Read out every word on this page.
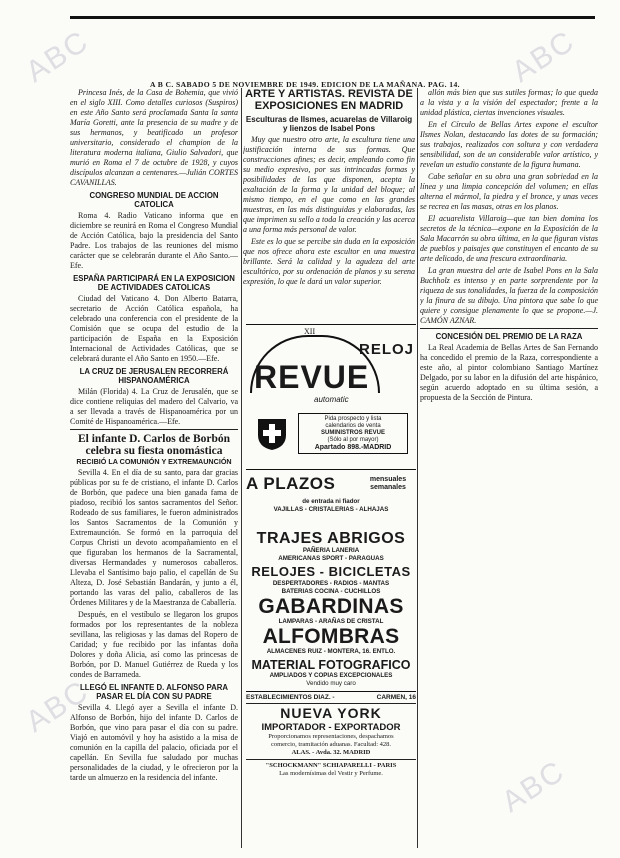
A B C. SABADO 5 DE NOVIEMBRE DE 1949. EDICION DE LA MAÑANA. PAG. 14.

Princesa Inés, de la Casa de Bohemia, que vivió en el siglo XIII. Como detalles curiosos (Suspiros) en este Año Santo será proclamada Santa la santa María Goretti, ante la presencia de su madre y de sus hermanos, y beatificado un profesor universitario, considerado el champion de la literatura moderna italiana, Giulio Salvadori, que murió en Roma el 7 de octubre de 1928, y cuyos discípulos alcanzan a centenares.—Julián CORTES CAVANILLAS.

CONGRESO MUNDIAL DE ACCION CATOLICA

Roma 4. Radio Vaticano informa que en diciembre se reunirá en Roma el Congreso Mundial de Acción Católica, bajo la presidencia del Santo Padre. Los trabajos de las reuniones del mismo carácter que se celebrarán durante el Año Santo.—Efe.

ESPAÑA PARTICIPARÁ EN LA EXPOSICION DE ACTIVIDADES CATOLICAS

Ciudad del Vaticano 4. Don Alberto Batarra, secretario de Acción Católica española, ha celebrado una conferencia con el presidente de la Comisión que se ocupa del estudio de la participación de España en la Exposición Internacional de Actividades Católicas, que se celebrará durante el Año Santo en 1950.—Efe.

LA CRUZ DE JERUSALEN RECORRERÁ HISPANOAMÉRICA

Milán (Florida) 4. La Cruz de Jerusalén, que se dice contiene reliquias del madero del Calvario, va a ser llevada a través de Hispanoamérica por un Comité de Hispanoamérica.—Efe.

El infante D. Carlos de Borbón celebra su fiesta onomástica
RECIBIÓ LA COMUNIÓN Y EXTREMAUNCIÓN

Sevilla 4. En el día de su santo, para dar gracias públicas por su fe de cristiano, el infante D. Carlos de Borbón, que padece una bien ganada fama de piadoso, recibió los santos sacramentos del Señor. Rodeado de sus familiares, le fueron administrados los Santos Sacramentos de la Comunión y Extremaunción. Se formó en la parroquia del Corpus Christi un devoto acompañamiento en el que figuraban los hermanos de la Sacramental, diversas Hermandades y numerosos caballeros. Llevaba el Santísimo bajo palio, el capellán de Su Alteza, D. José Sebastián Bandarán, y junto a él, portando las varas del palio, caballeros de las Órdenes Militares y de la Maestranza de Caballería.

Después, en el vestíbulo se llegaron los grupos formados por los representantes de la nobleza sevillana, las religiosas y las damas del Ropero de Caridad; y fue recibido por las infantas doña Dolores y doña Alicia, así como las princesas de Borbón, por D. Manuel Gutiérrez de Rueda y los condes de Barrameda.

LLEGÓ EL INFANTE D. ALFONSO PARA PASAR EL DÍA CON SU PADRE

Sevilla 4. Llegó ayer a Sevilla el infante D. Alfonso de Borbón, hijo del infante D. Carlos de Borbón, que vino para pasar el día con su padre. Viajó en automóvil y hoy ha asistido a la misa de comunión en la capilla del palacio, oficiada por el capellán. En Sevilla fue saludado por muchas personalidades de la ciudad, y le ofrecieron por la tarde un almuerzo en la residencia del infante.

ARTE Y ARTISTAS. REVISTA DE EXPOSICIONES EN MADRID
Esculturas de Ilsmes, acuarelas de Villaroig y lienzos de Isabel Pons

Muy que nuestro otro arte, la escultura tiene una justificación interna de sus formas. Que construcciones afines; es decir, empleando como fin su medio expresivo, por sus intrincadas formas y posibilidades de las que disponen, acepta la exaltación de la forma y la unidad del bloque; al mismo tiempo, en el que como en las grandes muestras, en las más distinguidas y elaboradas, las que imprimen su sello a toda la creación y las acerca a una forma más personal de valor.

Este es lo que se percibe sin duda en la exposición que nos ofrece ahora este escultor en una muestra brillante. Será la calidad y la agudeza del arte escultórico, por su ordenación de planos y su serena expresión, lo que le dará un valor superior.

XII
RELOJ
REVUE
automatic
Pida prospecto y lista
calendarios de venta
SUMINISTROS REVUE
(Sólo al por mayor)
Apartado 898.-MADRID
A PLAZOS	mensuales semanales
de entrada ni fiador
VAJILLAS - CRISTALERIAS - ALHAJAS
TRAJES ABRIGOS
PAÑERIA LANERIA
AMERICANAS SPORT - PARAGUAS
RELOJES - BICICLETAS
DESPERTADORES - RADIOS - MANTAS
BATERIAS COCINA - CUCHILLOS
GABARDINAS
LAMPARAS - ARAÑAS DE CRISTAL
ALFOMBRAS
ALMACENES RUIZ - MONTERA, 16. ENTLO.
MATERIAL FOTOGRAFICO
AMPLIADOS Y COPIAS EXCEPCIONALES
Vendido muy caro
ESTABLECIMIENTOS DIAZ. -	CARMEN, 16
NUEVA YORK
IMPORTADOR - EXPORTADOR
Proporcionamos representaciones, despachamos
comercio, tramitación aduanas. Facultad: 428.
ALAS. - Avda. 32. MADRID
"SCHOCKMANN" SCHIAPARELLI - PARIS
Las modernísimas del Vestir y Perfume.

allón más bien que sus sutiles formas; lo que queda a la vista y a la visión del espectador; frente a la unidad plástica, ciertas invenciones visuales.

En el Círculo de Bellas Artes expone el escultor Ilsmes Nolan, destacando las dotes de su formación; sus trabajos, realizados con soltura y con verdadera sensibilidad, son de un considerable valor artístico, y revelan un estudio constante de la figura humana.

Cabe señalar en su obra una gran sobriedad en la línea y una limpia concepción del volumen; en ellas alterna el mármol, la piedra y el bronce, y unas veces se recrea en las masas, otras en los planos.

El acuarelista Villaroig—que tan bien domina los secretos de la técnica—expone en la Exposición de la Sala Macarrón su obra última, en la que figuran vistas de pueblos y paisajes que constituyen el encanto de su arte delicado, de una frescura extraordinaria.

La gran muestra del arte de Isabel Pons en la Sala Buchholz es intenso y en parte sorprendente por la riqueza de sus tonalidades, la fuerza de la composición y la finura de su dibujo. Una pintora que sabe lo que quiere y consigue plenamente lo que se propone.—J. CAMÓN AZNAR.

CONCESIÓN DEL PREMIO DE LA RAZA

La Real Academia de Bellas Artes de San Fernando ha concedido el premio de la Raza, correspondiente a este año, al pintor colombiano Santiago Martínez Delgado, por su labor en la difusión del arte hispánico, según acuerdo adoptado en su última sesión, a propuesta de la Sección de Pintura.

ABC	ABC
ABC
ABC
